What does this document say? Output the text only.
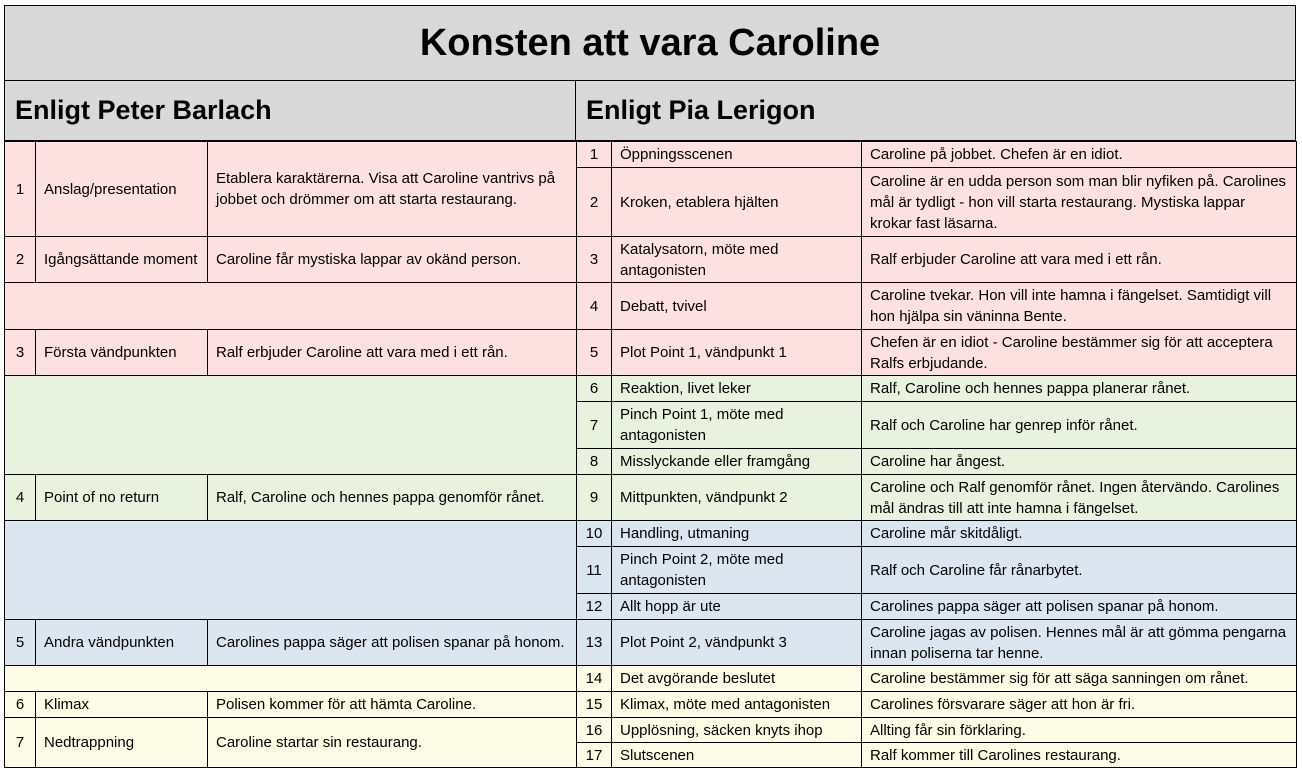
Konsten att vara Caroline
Enligt Peter Barlach
1	Anslag/presentation	Etablera karaktärerna. Visa att Caroline vantrivs på jobbet och drömmer om att starta restaurang.
2	Igångsättande moment	Caroline får mystiska lappar av okänd person.

3	Första vändpunkten	Ralf erbjuder Caroline att vara med i ett rån.

4	Point of no return	Ralf, Caroline och hennes pappa genomför rånet.

5	Andra vändpunkten	Carolines pappa säger att polisen spanar på honom.

6	Klimax	Polisen kommer för att hämta Caroline.
7	Nedtrappning	Caroline startar sin restaurang.
Enligt Pia Lerigon
1	Öppningsscenen	Caroline på jobbet. Chefen är en idiot.
2	Kroken, etablera hjälten	Caroline är en udda person som man blir nyfiken på. Carolines mål är tydligt - hon vill starta restaurang. Mystiska lappar krokar fast läsarna.
3	Katalysatorn, möte med antagonisten	Ralf erbjuder Caroline att vara med i ett rån.
4	Debatt, tvivel	Caroline tvekar. Hon vill inte hamna i fängelset. Samtidigt vill hon hjälpa sin väninna Bente.
5	Plot Point 1, vändpunkt 1	Chefen är en idiot - Caroline bestämmer sig för att acceptera Ralfs erbjudande.
6	Reaktion, livet leker	Ralf, Caroline och hennes pappa planerar rånet.
7	Pinch Point 1, möte med antagonisten	Ralf och Caroline har genrep inför rånet.
8	Misslyckande eller framgång	Caroline har ångest.
9	Mittpunkten, vändpunkt 2	Caroline och Ralf genomför rånet. Ingen återvändo. Carolines mål ändras till att inte hamna i fängelset.
10	Handling, utmaning	Caroline mår skitdåligt.
11	Pinch Point 2, möte med antagonisten	Ralf och Caroline får rånarbytet.
12	Allt hopp är ute	Carolines pappa säger att polisen spanar på honom.
13	Plot Point 2, vändpunkt 3	Caroline jagas av polisen. Hennes mål är att gömma pengarna innan poliserna tar henne.
14	Det avgörande beslutet	Caroline bestämmer sig för att säga sanningen om rånet.
15	Klimax, möte med antagonisten	Carolines försvarare säger att hon är fri.
16	Upplösning, säcken knyts ihop	Allting får sin förklaring.
17	Slutscenen	Ralf kommer till Carolines restaurang.
